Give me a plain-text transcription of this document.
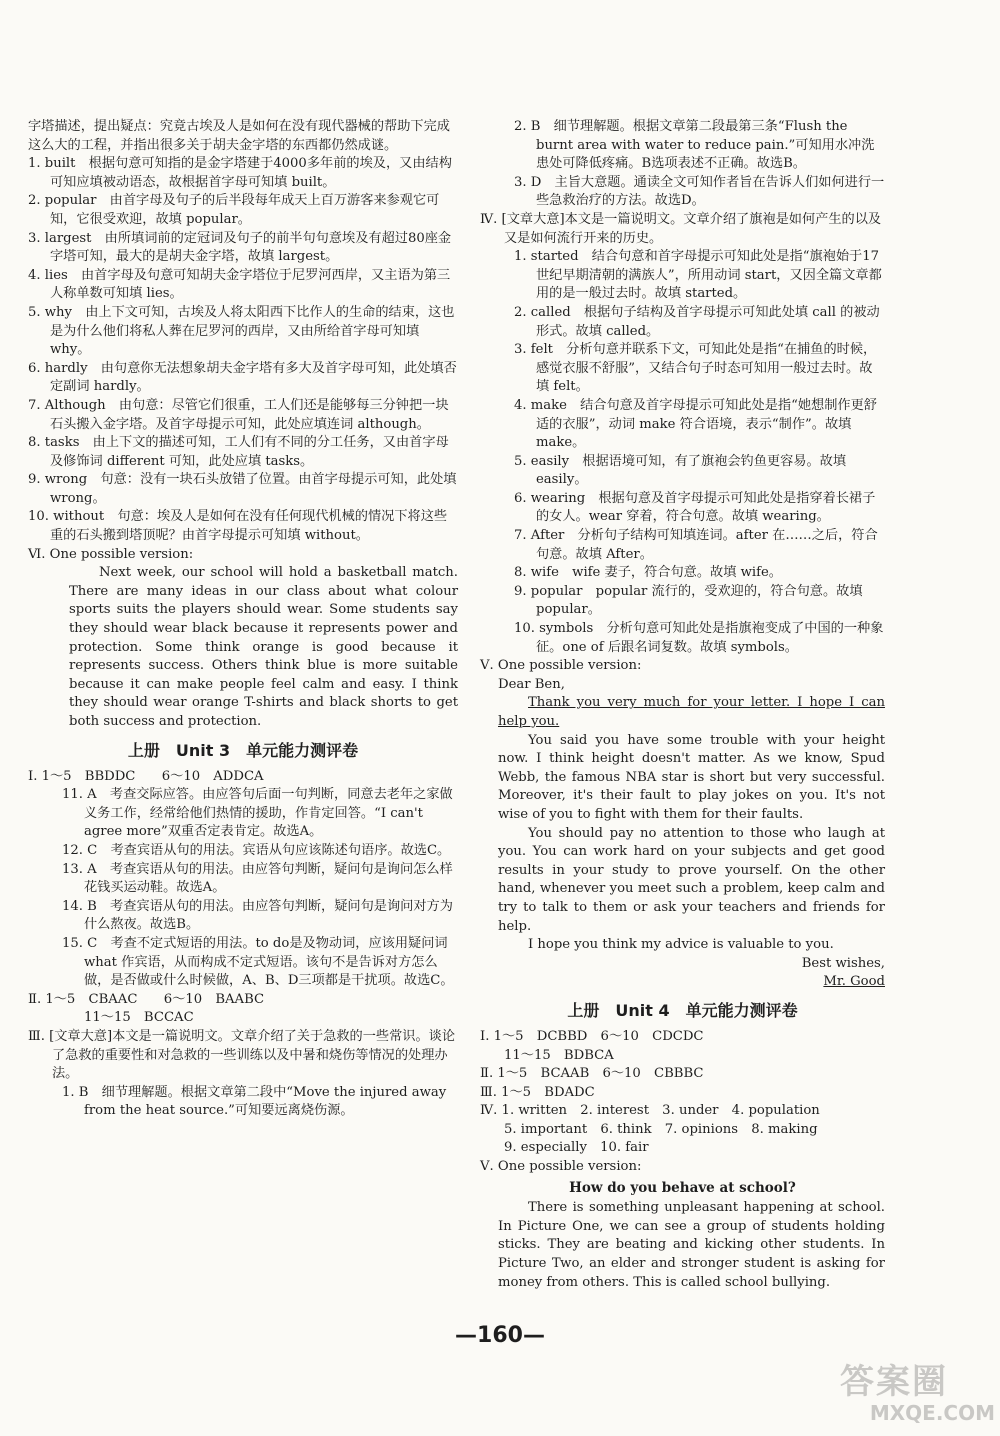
字塔描述，提出疑点：究竟古埃及人是如何在没有现代器械的帮助下完成这么大的工程，并指出很多关于胡夫金字塔的东西都仍然成谜。

1. built　根据句意可知指的是金字塔建于4000多年前的埃及，又由结构可知应填被动语态，故根据首字母可知填 built。

2. popular　由首字母及句子的后半段每年成天上百万游客来参观它可知，它很受欢迎，故填 popular。

3. largest　由所填词前的定冠词及句子的前半句句意埃及有超过80座金字塔可知，最大的是胡夫金字塔，故填 largest。

4. lies　由首字母及句意可知胡夫金字塔位于尼罗河西岸，又主语为第三人称单数可知填 lies。

5. why　由上下文可知，古埃及人将太阳西下比作人的生命的结束，这也是为什么他们将私人葬在尼罗河的西岸，又由所给首字母可知填 why。

6. hardly　由句意你无法想象胡夫金字塔有多大及首字母可知，此处填否定副词 hardly。

7. Although　由句意：尽管它们很重，工人们还是能够每三分钟把一块石头搬入金字塔。及首字母提示可知，此处应填连词 although。

8. tasks　由上下文的描述可知，工人们有不同的分工任务，又由首字母及修饰词 different 可知，此处应填 tasks。

9. wrong　句意：没有一块石头放错了位置。由首字母提示可知，此处填 wrong。

10. without　句意：埃及人是如何在没有任何现代机械的情况下将这些重的石头搬到塔顶呢？由首字母提示可知填 without。

Ⅵ. One possible version:

Next week, our school will hold a basketball match. There are many ideas in our class about what colour sports suits the players should wear. Some students say they should wear black because it represents power and protection. Some think orange is good because it represents success. Others think blue is more suitable because it can make people feel calm and easy. I think they should wear orange T-shirts and black shorts to get both success and protection.

上册　Unit 3　单元能力测评卷

Ⅰ. 1～5　BBDDC　　6～10　ADDCA

11. A　考查交际应答。由应答句后面一句判断，同意去老年之家做义务工作，经常给他们热情的援助，作肯定回答。“I can't agree more”双重否定表肯定。故选A。

12. C　考查宾语从句的用法。宾语从句应该陈述句语序。故选C。

13. A　考查宾语从句的用法。由应答句判断，疑问句是询问怎么样花钱买运动鞋。故选A。

14. B　考查宾语从句的用法。由应答句判断，疑问句是询问对方为什么熬夜。故选B。

15. C　考查不定式短语的用法。to do是及物动词，应该用疑问词 what 作宾语，从而构成不定式短语。该句不是告诉对方怎么做，是否做或什么时候做，A、B、D三项都是干扰项。故选C。

Ⅱ. 1～5　CBAAC　　6～10　BAABC

11～15　BCCAC

Ⅲ. [文章大意]本文是一篇说明文。文章介绍了关于急救的一些常识。谈论了急救的重要性和对急救的一些训练以及中暑和烧伤等情况的处理办法。

1. B　细节理解题。根据文章第二段中“Move the injured away from the heat source.”可知要远离烧伤源。

2. B　细节理解题。根据文章第二段最第三条“Flush the burnt area with water to reduce pain.”可知用水冲洗患处可降低疼痛。B选项表述不正确。故选B。

3. D　主旨大意题。通读全文可知作者旨在告诉人们如何进行一些急救治疗的方法。故选D。

Ⅳ. [文章大意]本文是一篇说明文。文章介绍了旗袍是如何产生的以及又是如何流行开来的历史。

1. started　结合句意和首字母提示可知此处是指“旗袍始于17世纪早期清朝的满族人”，所用动词 start，又因全篇文章都用的是一般过去时。故填 started。

2. called　根据句子结构及首字母提示可知此处填 call 的被动形式。故填 called。

3. felt　分析句意并联系下文，可知此处是指“在捕鱼的时候，感觉衣服不舒服”，又结合句子时态可知用一般过去时。故填 felt。

4. make　结合句意及首字母提示可知此处是指“她想制作更舒适的衣服”，动词 make 符合语境，表示“制作”。故填 make。

5. easily　根据语境可知，有了旗袍会钓鱼更容易。故填 easily。

6. wearing　根据句意及首字母提示可知此处是指穿着长裙子的女人。wear 穿着，符合句意。故填 wearing。

7. After　分析句子结构可知填连词。after 在……之后，符合句意。故填 After。

8. wife　wife 妻子，符合句意。故填 wife。

9. popular　popular 流行的，受欢迎的，符合句意。故填 popular。

10. symbols　分析句意可知此处是指旗袍变成了中国的一种象征。one of 后跟名词复数。故填 symbols。

Ⅴ. One possible version:

Dear Ben,

Thank you very much for your letter. I hope I can help you.

You said you have some trouble with your height now. I think height doesn't matter. As we know, Spud Webb, the famous NBA star is short but very successful. Moreover, it's their fault to play jokes on you. It's not wise of you to fight with them for their faults.

You should pay no attention to those who laugh at you. You can work hard on your subjects and get good results in your study to prove yourself. On the other hand, whenever you meet such a problem, keep calm and try to talk to them or ask your teachers and friends for help.

I hope you think my advice is valuable to you.

Best wishes,

Mr. Good

上册　Unit 4　单元能力测评卷

Ⅰ. 1～5　DCBBD　6～10　CDCDC

11～15　BDBCA

Ⅱ. 1～5　BCAAB　6～10　CBBBC

Ⅲ. 1～5　BDADC

Ⅳ. 1. written　2. interest　3. under　4. population

5. important　6. think　7. opinions　8. making

9. especially　10. fair

Ⅴ. One possible version:

How do you behave at school?

There is something unpleasant happening at school. In Picture One, we can see a group of students holding sticks. They are beating and kicking other students. In Picture Two, an elder and stronger student is asking for money from others. This is called school bullying.

—160—
答案圈
MXQE.COM
